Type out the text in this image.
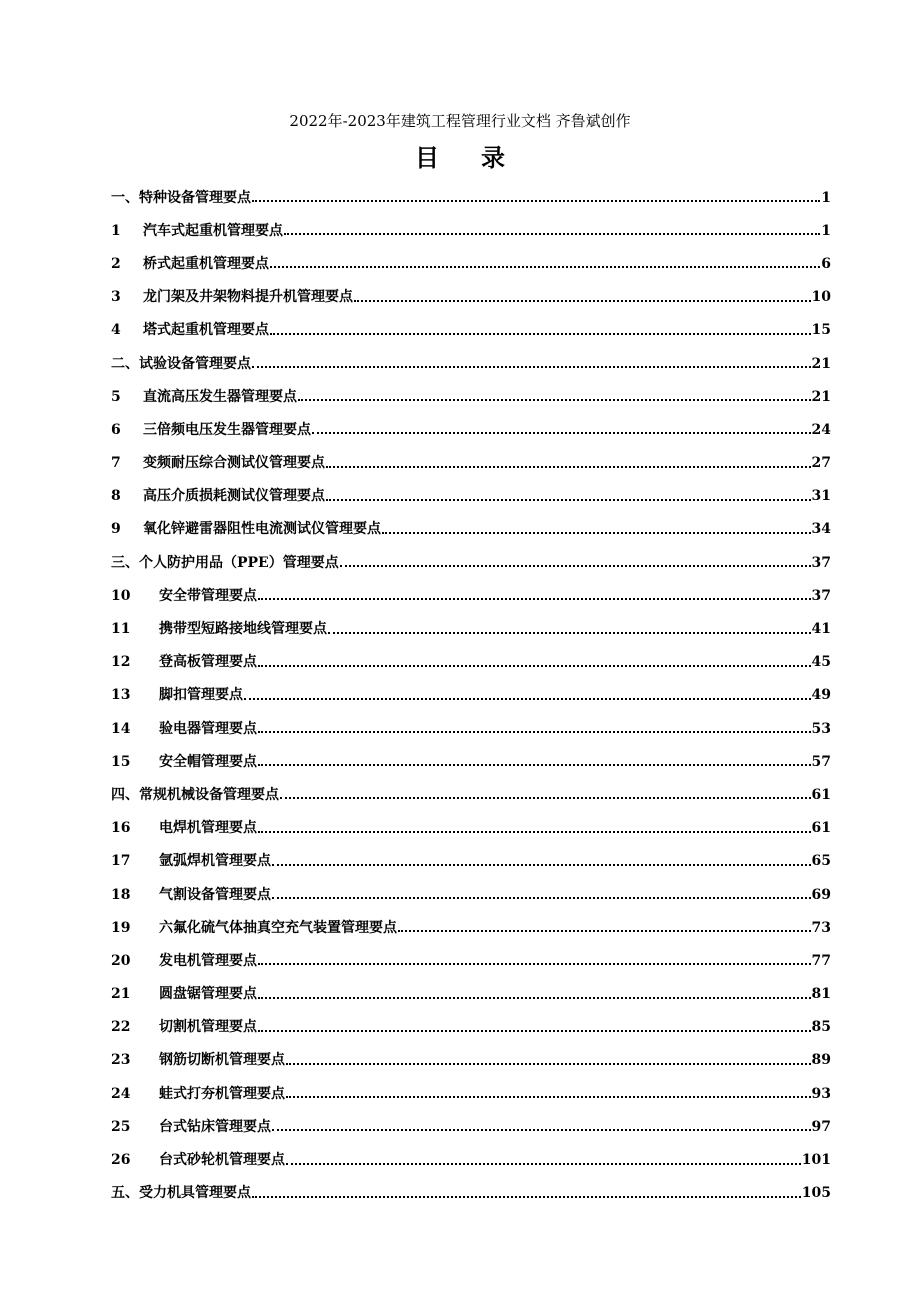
2022年-2023年建筑工程管理行业文档 齐鲁斌创作
目 录
一、特种设备管理要点	1
1	汽车式起重机管理要点	1
2	桥式起重机管理要点	6
3	龙门架及井架物料提升机管理要点	10
4	塔式起重机管理要点	15
二、试验设备管理要点	21
5	直流高压发生器管理要点	21
6	三倍频电压发生器管理要点	24
7	变频耐压综合测试仪管理要点	27
8	高压介质损耗测试仪管理要点	31
9	氧化锌避雷器阻性电流测试仪管理要点	34
三、个人防护用品（PPE）管理要点	37
10	安全带管理要点	37
11	携带型短路接地线管理要点	41
12	登高板管理要点	45
13	脚扣管理要点	49
14	验电器管理要点	53
15	安全帽管理要点	57
四、常规机械设备管理要点	61
16	电焊机管理要点	61
17	氩弧焊机管理要点	65
18	气割设备管理要点	69
19	六氟化硫气体抽真空充气装置管理要点	73
20	发电机管理要点	77
21	圆盘锯管理要点	81
22	切割机管理要点	85
23	钢筋切断机管理要点	89
24	蛙式打夯机管理要点	93
25	台式钻床管理要点	97
26	台式砂轮机管理要点	101
五、受力机具管理要点	105
